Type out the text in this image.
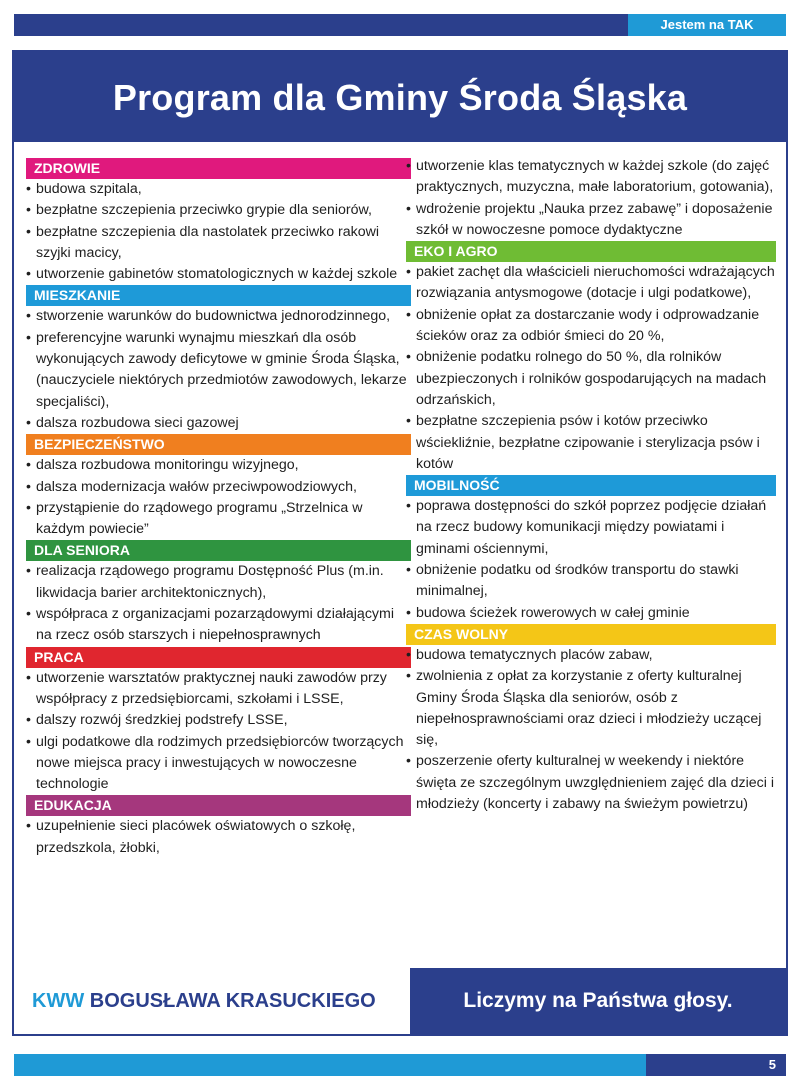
Jestem na TAK
Program dla Gminy Środa Śląska
ZDROWIE
• budowa szpitala,
• bezpłatne szczepienia przeciwko grypie dla seniorów,
• bezpłatne szczepienia dla nastolatek przeciwko rakowi szyjki macicy,
• utworzenie gabinetów stomatologicznych w każdej szkole
MIESZKANIE
• stworzenie warunków do budownictwa jednorodzinnego,
• preferencyjne warunki wynajmu mieszkań dla osób wykonujących zawody deficytowe w gminie Środa Śląska, (nauczyciele niektórych przedmiotów zawodowych, lekarze specjaliści),
• dalsza rozbudowa sieci gazowej
BEZPIECZEŃSTWO
• dalsza rozbudowa monitoringu wizyjnego,
• dalsza modernizacja wałów przeciwpowodziowych,
• przystąpienie do rządowego programu „Strzelnica w każdym powiecie”
DLA SENIORA
• realizacja rządowego programu Dostępność Plus (m.in. likwidacja barier architektonicznych),
• współpraca z organizacjami pozarządowymi działającymi na rzecz osób starszych i niepełnosprawnych
PRACA
• utworzenie warsztatów praktycznej nauki zawodów przy współpracy z przedsiębiorcami, szkołami i LSSE,
• dalszy rozwój średzkiej podstrefy LSSE,
• ulgi podatkowe dla rodzimych przedsiębiorców tworzących nowe miejsca pracy i inwestujących w nowoczesne technologie
EDUKACJA
• uzupełnienie sieci placówek oświatowych o szkołę, przedszkola, żłobki,
• utworzenie klas tematycznych w każdej szkole (do zajęć praktycznych, muzyczna, małe laboratorium, gotowania),
• wdrożenie projektu „Nauka przez zabawę” i doposażenie szkół w nowoczesne pomoce dydaktyczne
EKO I AGRO
• pakiet zachęt dla właścicieli nieruchomości wdrażających rozwiązania antysmogowe (dotacje i ulgi podatkowe),
• obniżenie opłat za dostarczanie wody i odprowadzanie ścieków oraz za odbiór śmieci do 20 %,
• obniżenie podatku rolnego do 50 %, dla rolników ubezpieczonych i rolników gospodarujących na madach odrzańskich,
• bezpłatne szczepienia psów i kotów przeciwko wściekliźnie, bezpłatne czipowanie i sterylizacja psów i kotów
MOBILNOŚĆ
• poprawa dostępności do szkół poprzez podjęcie działań na rzecz budowy komunikacji między powiatami i gminami ościennymi,
• obniżenie podatku od środków transportu do stawki minimalnej,
• budowa ścieżek rowerowych w całej gminie
CZAS WOLNY
• budowa tematycznych placów zabaw,
• zwolnienia z opłat za korzystanie z oferty kulturalnej Gminy Środa Śląska dla seniorów, osób z niepełnosprawnościami oraz dzieci i młodzieży uczącej się,
• poszerzenie oferty kulturalnej w weekendy i niektóre święta ze szczególnym uwzględnieniem zajęć dla dzieci i młodzieży (koncerty i zabawy na świeżym powietrzu)
KWW BOGUSŁAWA KRASUCKIEGO	Liczymy na Państwa głosy.
5
